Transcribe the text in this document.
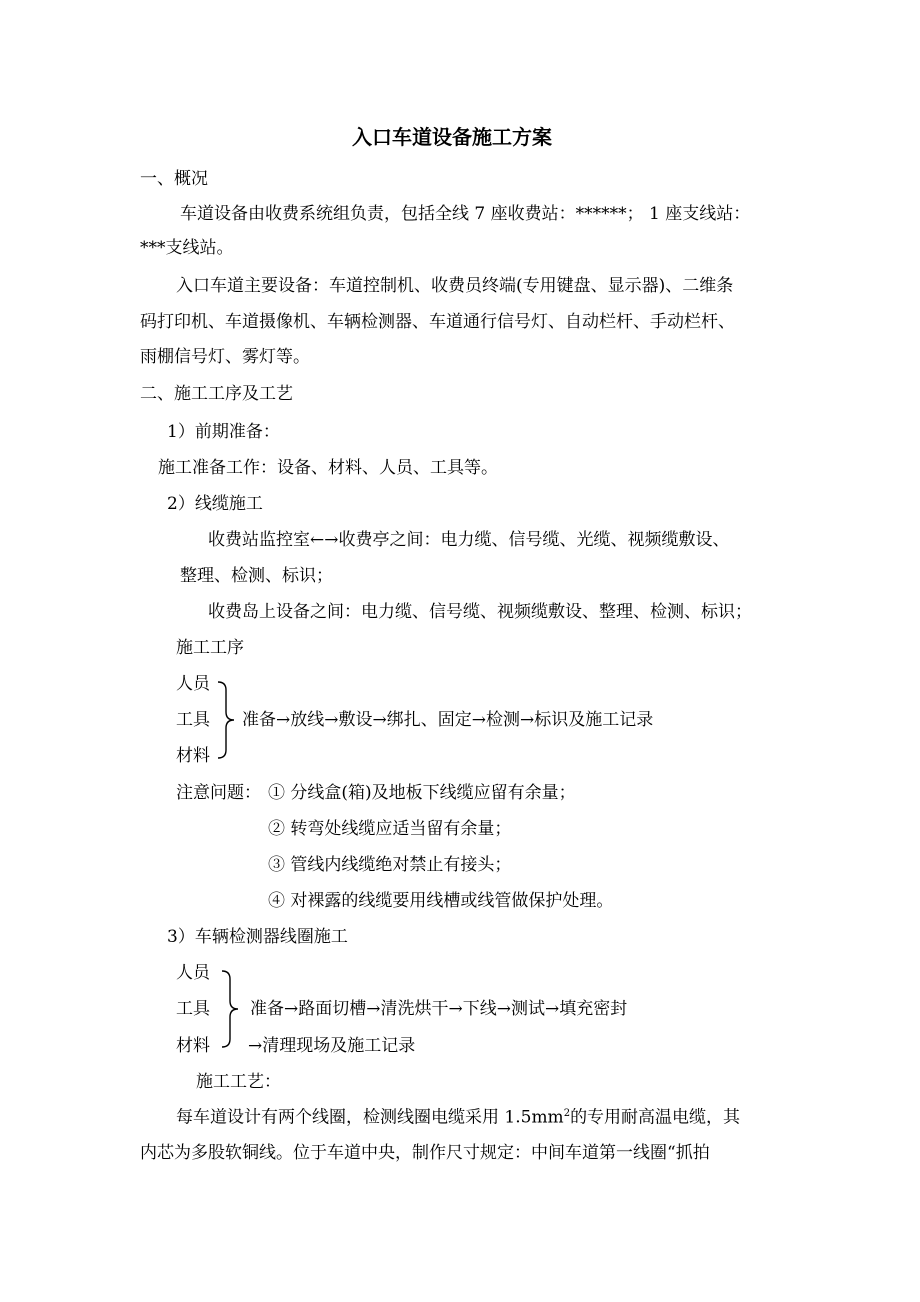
入口车道设备施工方案
一、概况
车道设备由收费系统组负责，包括全线 7 座收费站：******； 1 座支线站：
***支线站。
入口车道主要设备：车道控制机、收费员终端(专用键盘、显示器)、二维条
码打印机、车道摄像机、车辆检测器、车道通行信号灯、自动栏杆、手动栏杆、
雨棚信号灯、雾灯等。
二、施工工序及工艺
1）前期准备：
施工准备工作：设备、材料、人员、工具等。
2）线缆施工
收费站监控室←→收费亭之间：电力缆、信号缆、光缆、视频缆敷设、
整理、检测、标识；
收费岛上设备之间：电力缆、信号缆、视频缆敷设、整理、检测、标识；
施工工序
人员
工具
材料
准备→放线→敷设→绑扎、固定→检测→标识及施工记录
注意问题： ① 分线盒(箱)及地板下线缆应留有余量；
② 转弯处线缆应适当留有余量；
③ 管线内线缆绝对禁止有接头；
④ 对裸露的线缆要用线槽或线管做保护处理。
3）车辆检测器线圈施工
人员
工具
材料
准备→路面切槽→清洗烘干→下线→测试→填充密封
→清理现场及施工记录
施工工艺：
每车道设计有两个线圈，检测线圈电缆采用 $1.5mm^2$的专用耐高温电缆，其
内芯为多股软铜线。位于车道中央，制作尺寸规定：中间车道第一线圈“抓拍
